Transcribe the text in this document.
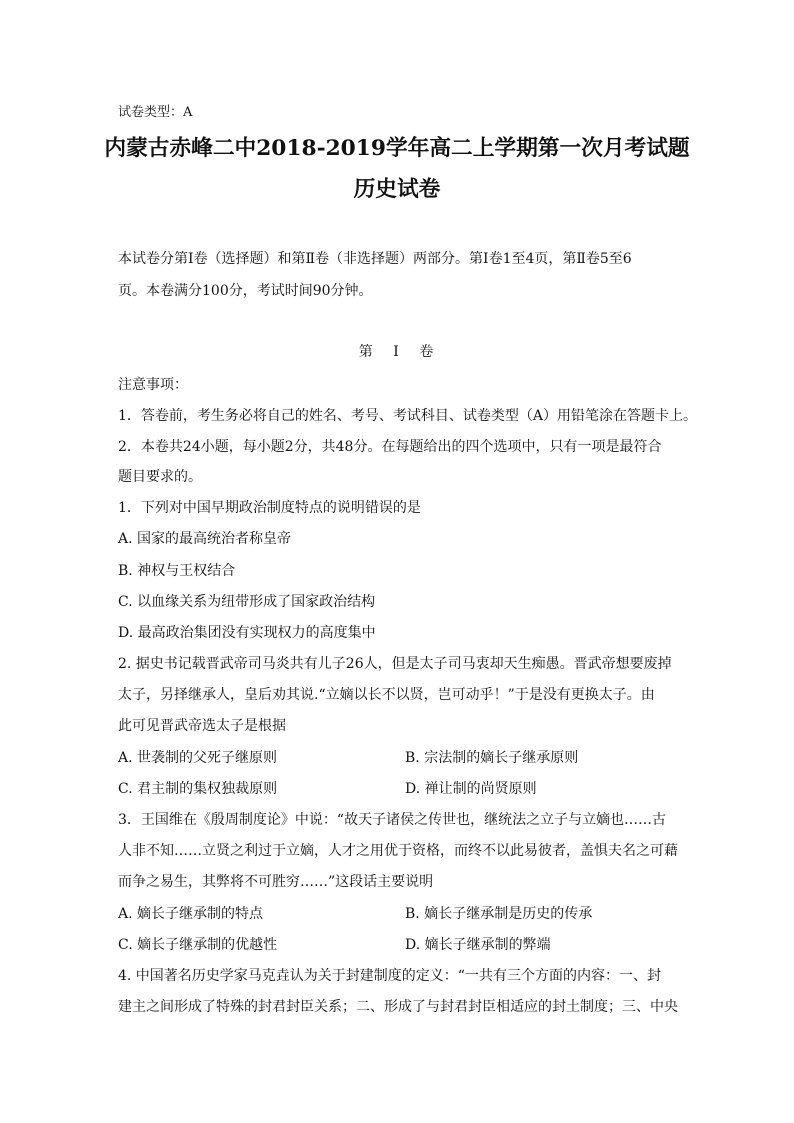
试卷类型：A
内蒙古赤峰二中2018-2019学年高二上学期第一次月考试题
历史试卷
本试卷分第Ⅰ卷（选择题）和第Ⅱ卷（非选择题）两部分。第Ⅰ卷1至4页，第Ⅱ卷5至6
页。本卷满分100分，考试时间90分钟。
第 Ⅰ 卷
注意事项：
1．答卷前，考生务必将自己的姓名、考号、考试科目、试卷类型（A）用铅笔涂在答题卡上。
2．本卷共24小题，每小题2分，共48分。在每题给出的四个选项中，只有一项是最符合
题目要求的。
1．下列对中国早期政治制度特点的说明错误的是
A. 国家的最高统治者称皇帝
B. 神权与王权结合
C. 以血缘关系为纽带形成了国家政治结构
D. 最高政治集团没有实现权力的高度集中
2. 据史书记载晋武帝司马炎共有儿子26人，但是太子司马衷却天生痴愚。晋武帝想要废掉
太子，另择继承人，皇后劝其说.“立嫡以长不以贤，岂可动乎！”于是没有更换太子。由
此可见晋武帝选太子是根据
A. 世袭制的父死子继原则	B. 宗法制的嫡长子继承原则
C. 君主制的集权独裁原则	D. 禅让制的尚贤原则
3．王国维在《殷周制度论》中说：“故天子诸侯之传世也，继统法之立子与立嫡也……古
人非不知……立贤之利过于立嫡，人才之用优于资格，而终不以此易彼者，盖惧夫名之可藉
而争之易生，其弊将不可胜穷……”这段话主要说明
A. 嫡长子继承制的特点	B. 嫡长子继承制是历史的传承
C. 嫡长子继承制的优越性	D. 嫡长子继承制的弊端
4. 中国著名历史学家马克垚认为关于封建制度的定义：“一共有三个方面的内容：一、封
建主之间形成了特殊的封君封臣关系；二、形成了与封君封臣相适应的封土制度；三、中央
